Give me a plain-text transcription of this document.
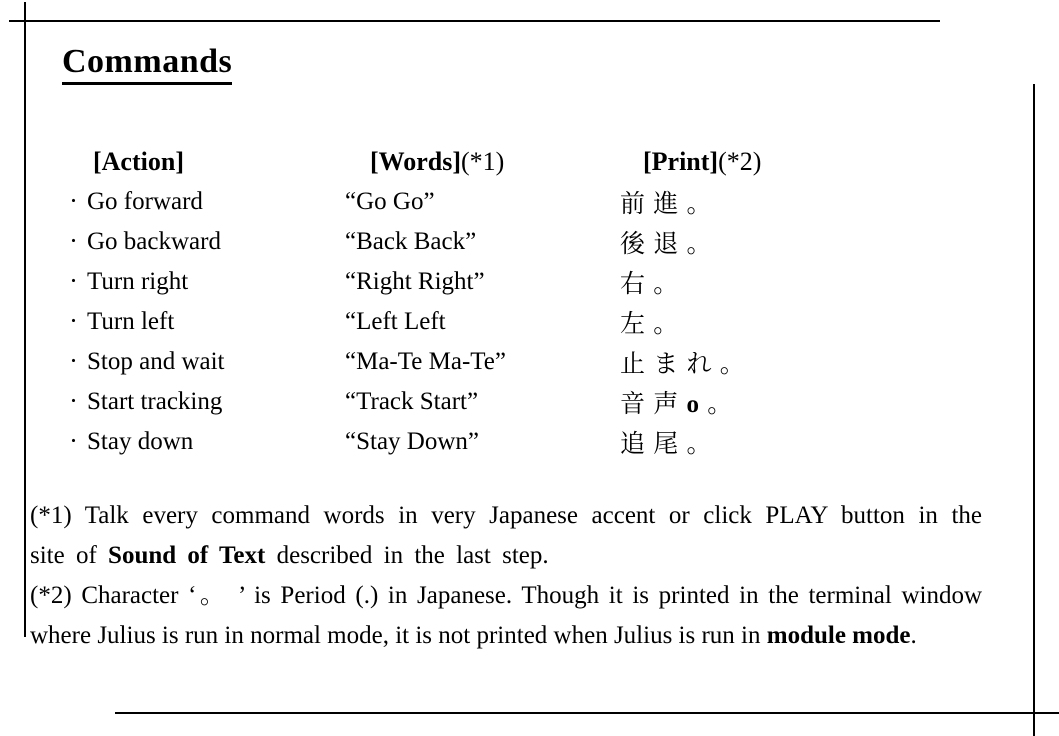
Commands
[Action]	[Words](*1)	[Print](*2)
・ Go forward	“Go Go”	前 進 。
・ Go backward	“Back Back”	後 退 。
・ Turn right	“Right Right”	右 。
・ Turn left	“Left Left	左 。
・ Stop and wait	“Ma-Te Ma-Te”	止 ま れ 。
・ Start tracking	“Track Start”	音 声 o 。
・ Stay down	“Stay Down”	追 尾 。

(*1) Talk every command words in very Japanese accent or click PLAY button in the site of Sound of Text described in the last step.

(*2) Character ‘。 ’ is Period (.) in Japanese. Though it is printed in the terminal window where Julius is run in normal mode, it is not printed when Julius is run in module mode.
